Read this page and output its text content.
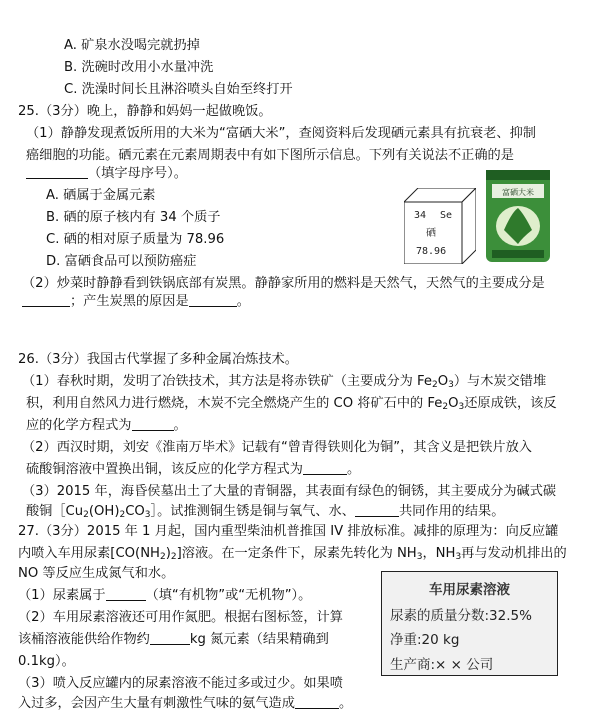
A. 矿泉水没喝完就扔掉
B. 洗碗时改用小水量冲洗
C. 洗澡时间长且淋浴喷头自始至终打开
25.（3分）晚上，静静和妈妈一起做晚饭。
（1）静静发现煮饭所用的大米为“富硒大米”，查阅资料后发现硒元素具有抗衰老、抑制
癌细胞的功能。硒元素在元素周期表中有如下图所示信息。下列有关说法不正确的是
（填字母序号）。
A. 硒属于金属元素
B. 硒的原子核内有 34 个质子
C. 硒的相对原子质量为 78.96
D. 富硒食品可以预防癌症
34 Se
硒
78.96
富硒大米
（2）炒菜时静静看到铁锅底部有炭黑。静静家所用的燃料是天然气，天然气的主要成分是
；产生炭黑的原因是	。
26.（3分）我国古代掌握了多种金属冶炼技术。
（1）春秋时期，发明了冶铁技术，其方法是将赤铁矿（主要成分为 $Fe_2O_3$）与木炭交错堆
积，利用自然风力进行燃烧，木炭不完全燃烧产生的 CO 将矿石中的 $Fe_2O_3$还原成铁，该反
应的化学方程式为	。
（2）西汉时期，刘安《淮南万毕术》记载有“曾青得铁则化为铜”，其含义是把铁片放入
硫酸铜溶液中置换出铜，该反应的化学方程式为	。
（3）2015 年，海昏侯墓出土了大量的青铜器，其表面有绿色的铜锈，其主要成分为碱式碳
酸铜$[Cu_2(OH)_2CO_3]$。试推测铜生锈是铜与氧气、水、	共同作用的结果。
27.（3分）2015 年 1 月起，国内重型柴油机普推国 IV 排放标准。减排的原理为：向反应罐
内喷入车用尿素$[CO(NH_2)_2]$溶液。在一定条件下，尿素先转化为 $NH_3$，$NH_3$再与发动机排出的
NO 等反应生成氮气和水。
（1）尿素属于	（填“有机物”或“无机物”）。
（2）车用尿素溶液还可用作氮肥。根据右图标签，计算
该桶溶液能供给作物约	kg 氮元素（结果精确到
0.1kg）。
（3）喷入反应罐内的尿素溶液不能过多或过少。如果喷
入过多，会因产生大量有刺激性气味的氨气造成	。
车用尿素溶液
尿素的质量分数:32.5%
净重:20 kg
生产商:× × 公司
